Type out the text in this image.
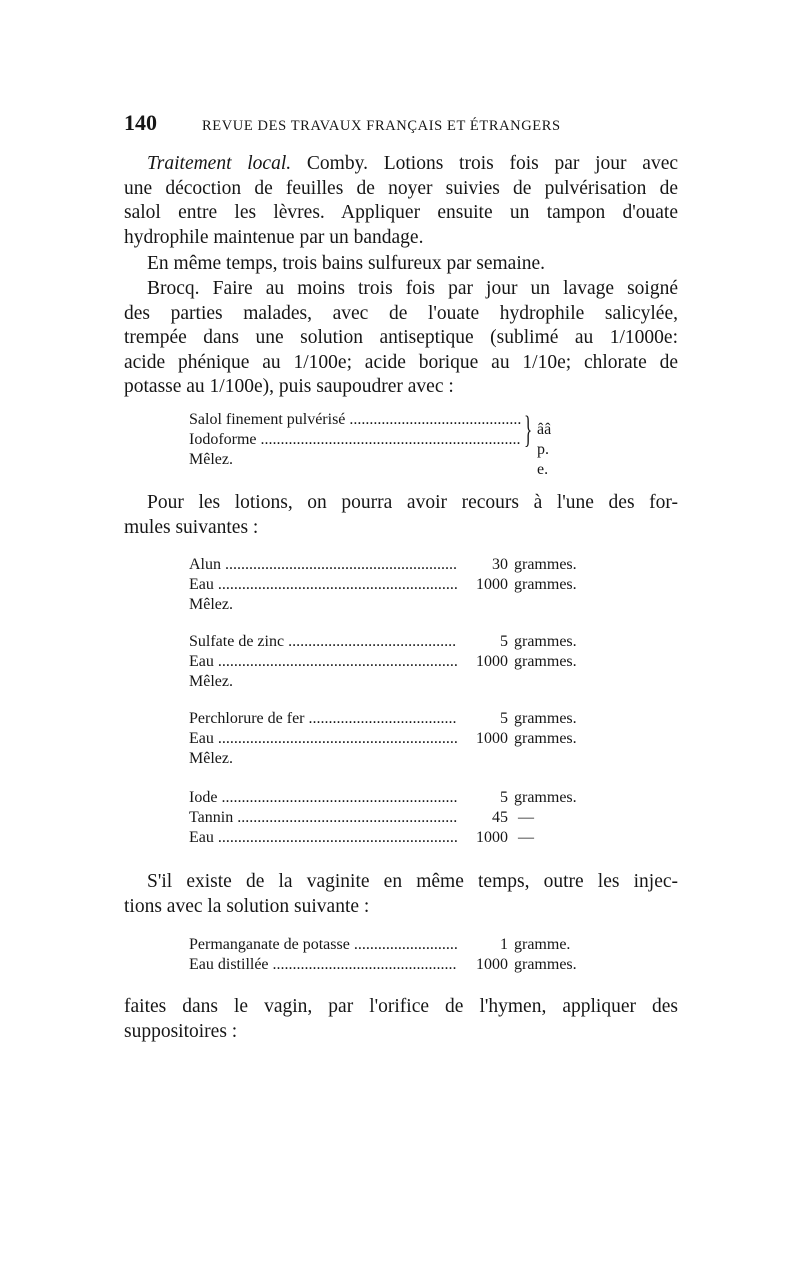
140	REVUE DES TRAVAUX FRANÇAIS ET ÉTRANGERS
Traitement local. Comby. Lotions trois fois par jour avec
une décoction de feuilles de noyer suivies de pulvérisation de
salol entre les lèvres. Appliquer ensuite un tampon d'ouate
hydrophile maintenue par un bandage.
En même temps, trois bains sulfureux par semaine.
Brocq. Faire au moins trois fois par jour un lavage soigné
des parties malades, avec de l'ouate hydrophile salicylée,
trempée dans une solution antiseptique (sublimé au 1/1000e:
acide phénique au 1/100e; acide borique au 1/10e; chlorate de
potasse au 1/100e), puis saupoudrer avec :
Salol finement pulvérisé .....
Iodoforme .....
Mêlez.
} ââ p. e.
Pour les lotions, on pourra avoir recours à l'une des for-
mules suivantes :
Alun .....	30 grammes.
Eau .....	1000 grammes.
Mêlez.
Sulfate de zinc .....	5 grammes.
Eau .....	1000 grammes.
Mêlez.
Perchlorure de fer .....	5 grammes.
Eau .....	1000 grammes.
Mêlez.
Iode .....	5 grammes.
Tannin .....	45 —
Eau .....	1000 —
S'il existe de la vaginite en même temps, outre les injec-
tions avec la solution suivante :
Permanganate de potasse .....	1 gramme.
Eau distillée .....	1000 grammes.
faites dans le vagin, par l'orifice de l'hymen, appliquer des
suppositoires :
